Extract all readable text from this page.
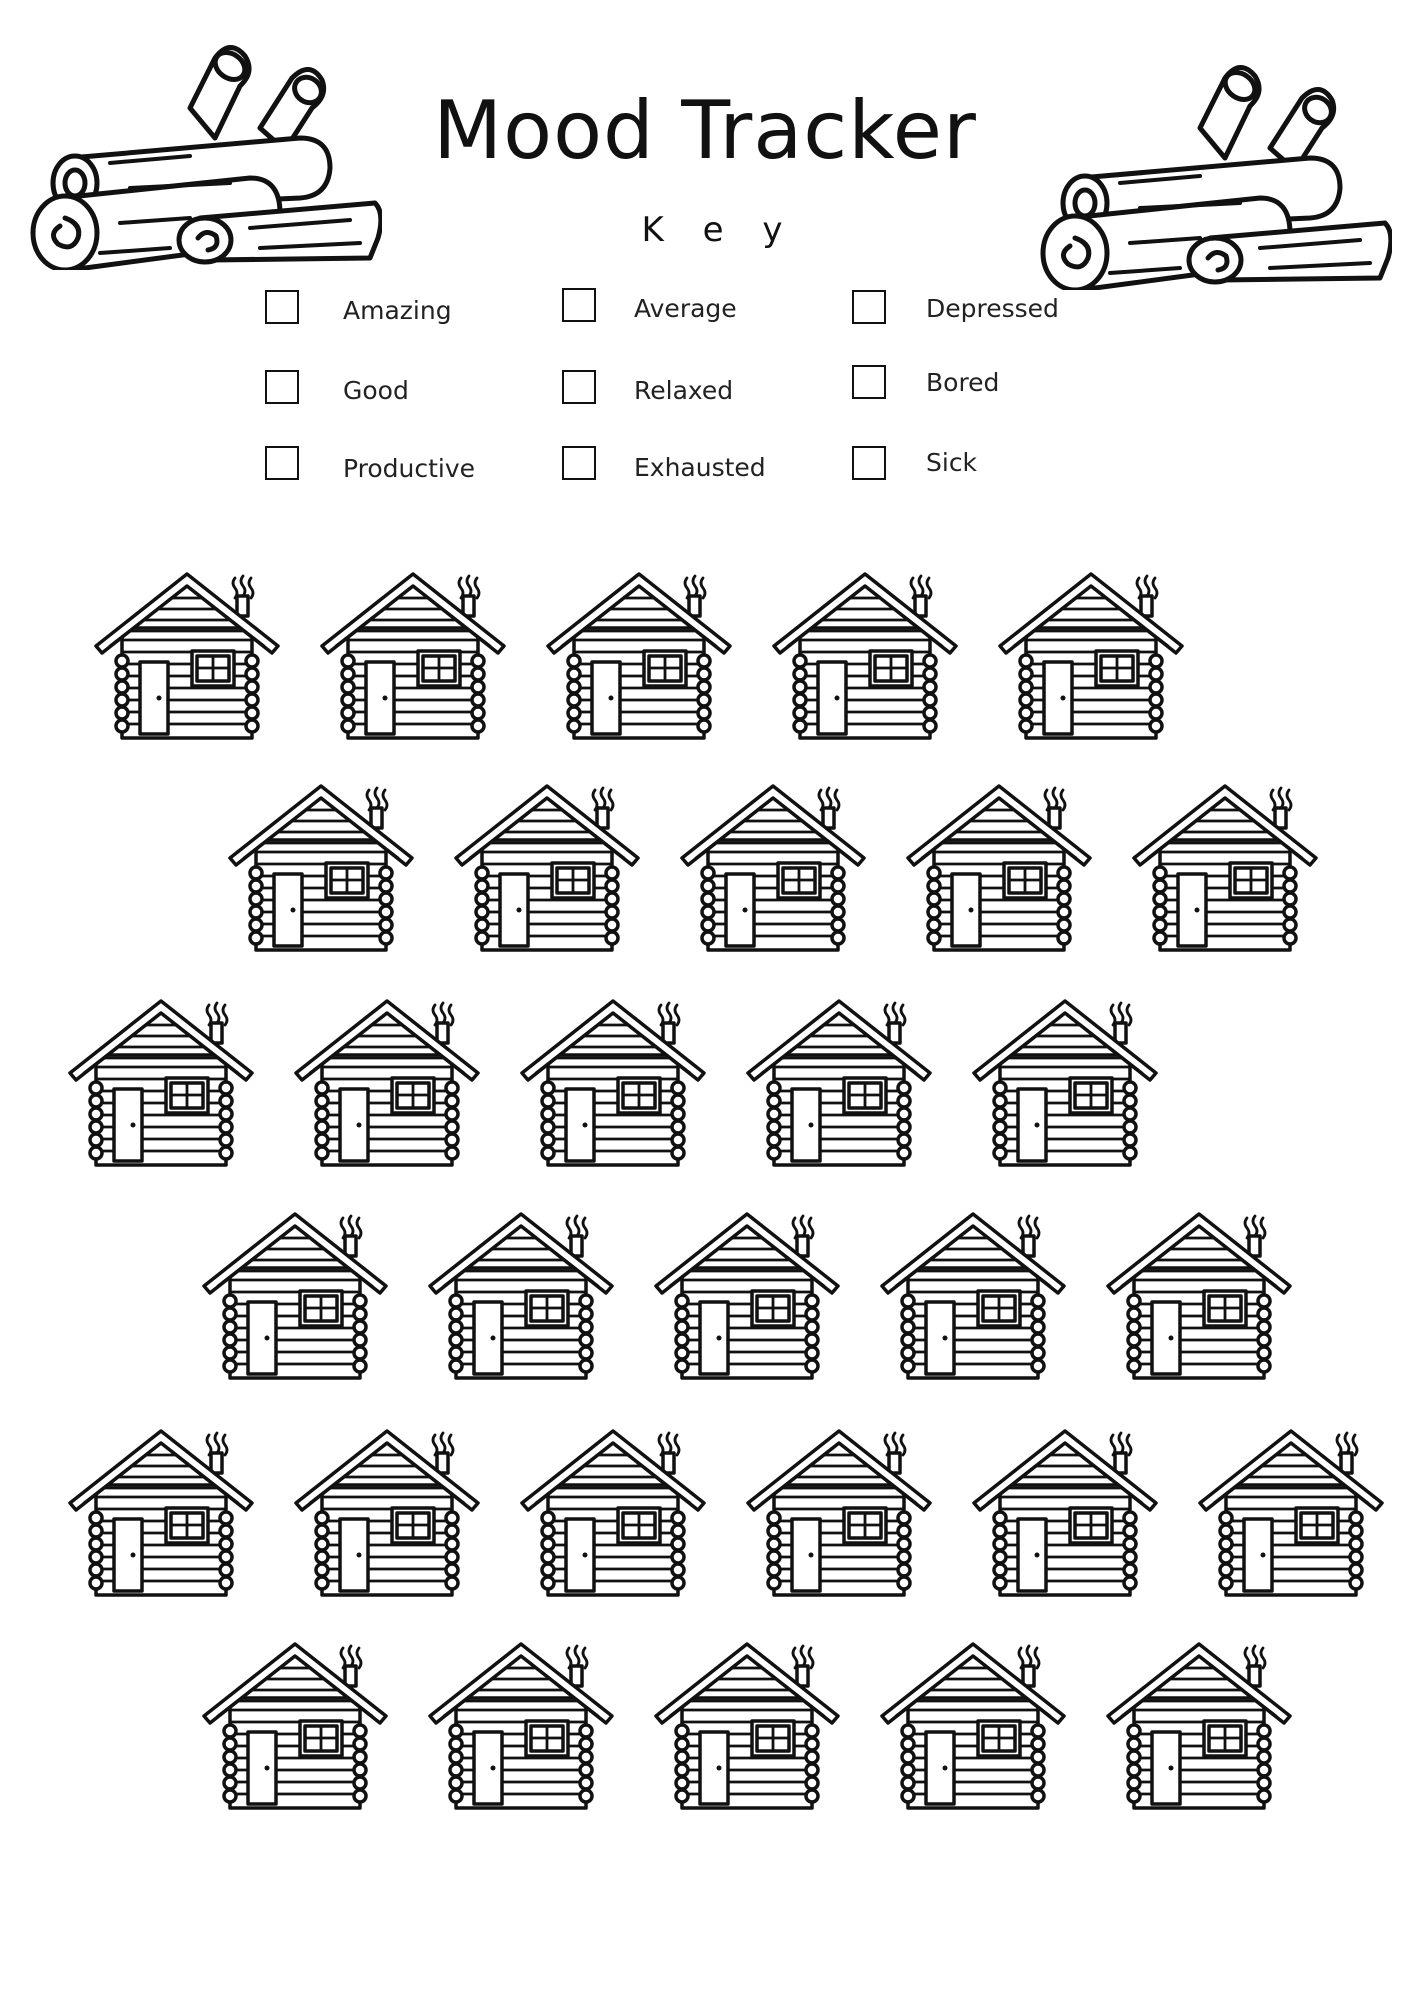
Mood Tracker
K e y
Amazing	Average	Depressed
Good	Relaxed	Bored
Productive	Exhausted	Sick
